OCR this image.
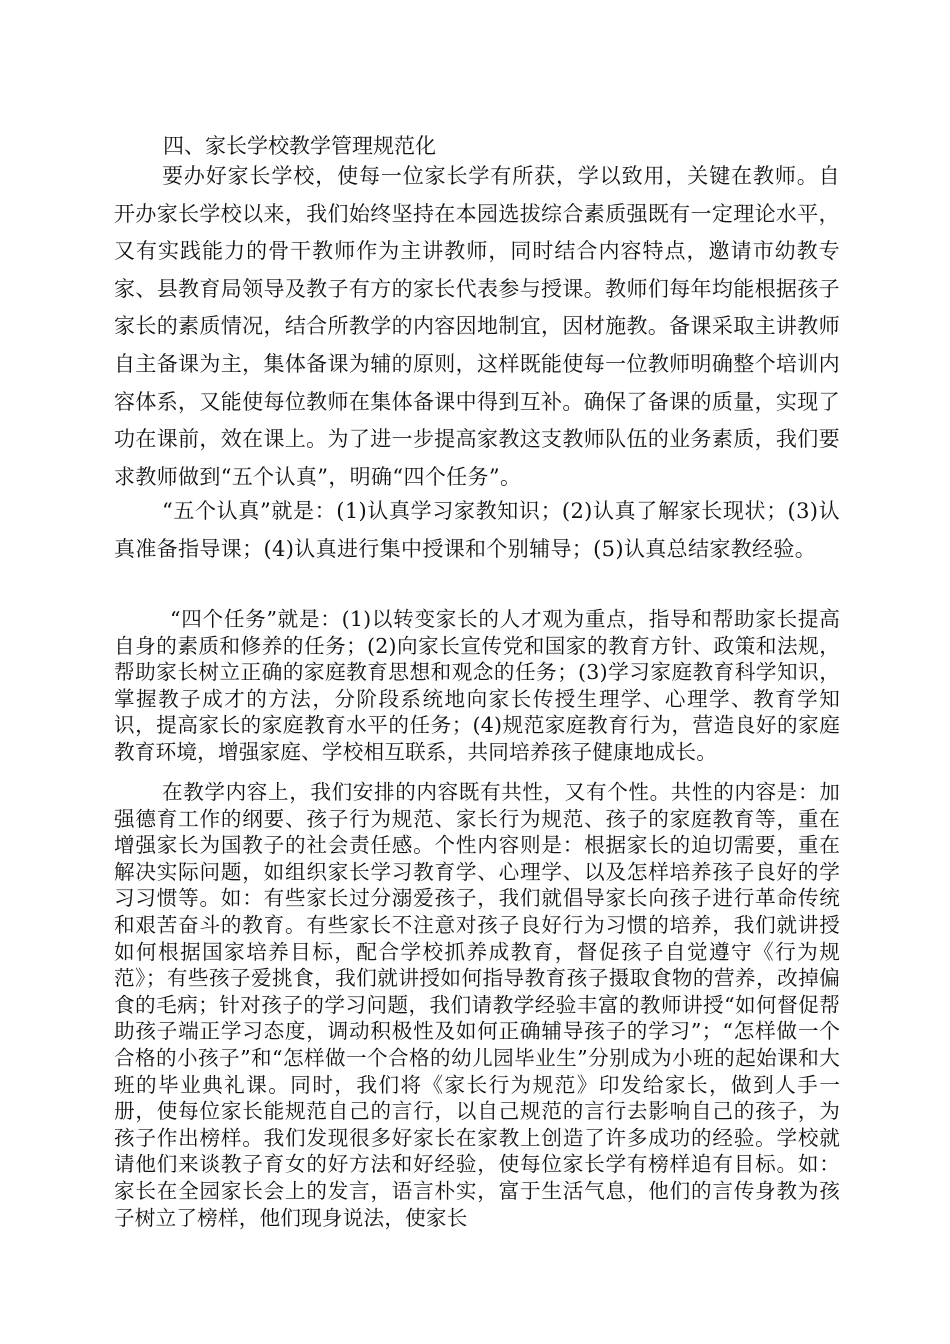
四、家长学校教学管理规范化

要办好家长学校，使每一位家长学有所获，学以致用，关键在教师。自开办家长学校以来，我们始终坚持在本园选拔综合素质强既有一定理论水平，又有实践能力的骨干教师作为主讲教师，同时结合内容特点，邀请市幼教专家、县教育局领导及教子有方的家长代表参与授课。教师们每年均能根据孩子家长的素质情况，结合所教学的内容因地制宜，因材施教。备课采取主讲教师自主备课为主，集体备课为辅的原则，这样既能使每一位教师明确整个培训内容体系，又能使每位教师在集体备课中得到互补。确保了备课的质量，实现了功在课前，效在课上。为了进一步提高家教这支教师队伍的业务素质，我们要求教师做到“五个认真”，明确“四个任务”。

“五个认真”就是：(1)认真学习家教知识；(2)认真了解家长现状；(3)认真准备指导课；(4)认真进行集中授课和个别辅导；(5)认真总结家教经验。

“四个任务”就是：(1)以转变家长的人才观为重点，指导和帮助家长提高自身的素质和修养的任务；(2)向家长宣传党和国家的教育方针、政策和法规，帮助家长树立正确的家庭教育思想和观念的任务；(3)学习家庭教育科学知识，掌握教子成才的方法，分阶段系统地向家长传授生理学、心理学、教育学知识，提高家长的家庭教育水平的任务；(4)规范家庭教育行为，营造良好的家庭教育环境，增强家庭、学校相互联系，共同培养孩子健康地成长。

在教学内容上，我们安排的内容既有共性，又有个性。共性的内容是：加强德育工作的纲要、孩子行为规范、家长行为规范、孩子的家庭教育等，重在增强家长为国教子的社会责任感。个性内容则是：根据家长的迫切需要，重在解决实际问题，如组织家长学习教育学、心理学、以及怎样培养孩子良好的学习习惯等。如：有些家长过分溺爱孩子，我们就倡导家长向孩子进行革命传统和艰苦奋斗的教育。有些家长不注意对孩子良好行为习惯的培养，我们就讲授如何根据国家培养目标，配合学校抓养成教育，督促孩子自觉遵守《行为规范》；有些孩子爱挑食，我们就讲授如何指导教育孩子摄取食物的营养，改掉偏食的毛病；针对孩子的学习问题，我们请教学经验丰富的教师讲授“如何督促帮助孩子端正学习态度，调动积极性及如何正确辅导孩子的学习”；“怎样做一个合格的小孩子”和“怎样做一个合格的幼儿园毕业生”分别成为小班的起始课和大班的毕业典礼课。同时，我们将《家长行为规范》印发给家长，做到人手一册，使每位家长能规范自己的言行，以自己规范的言行去影响自己的孩子，为孩子作出榜样。我们发现很多好家长在家教上创造了许多成功的经验。学校就请他们来谈教子育女的好方法和好经验，使每位家长学有榜样追有目标。如：家长在全园家长会上的发言，语言朴实，富于生活气息，他们的言传身教为孩子树立了榜样，他们现身说法，使家长
